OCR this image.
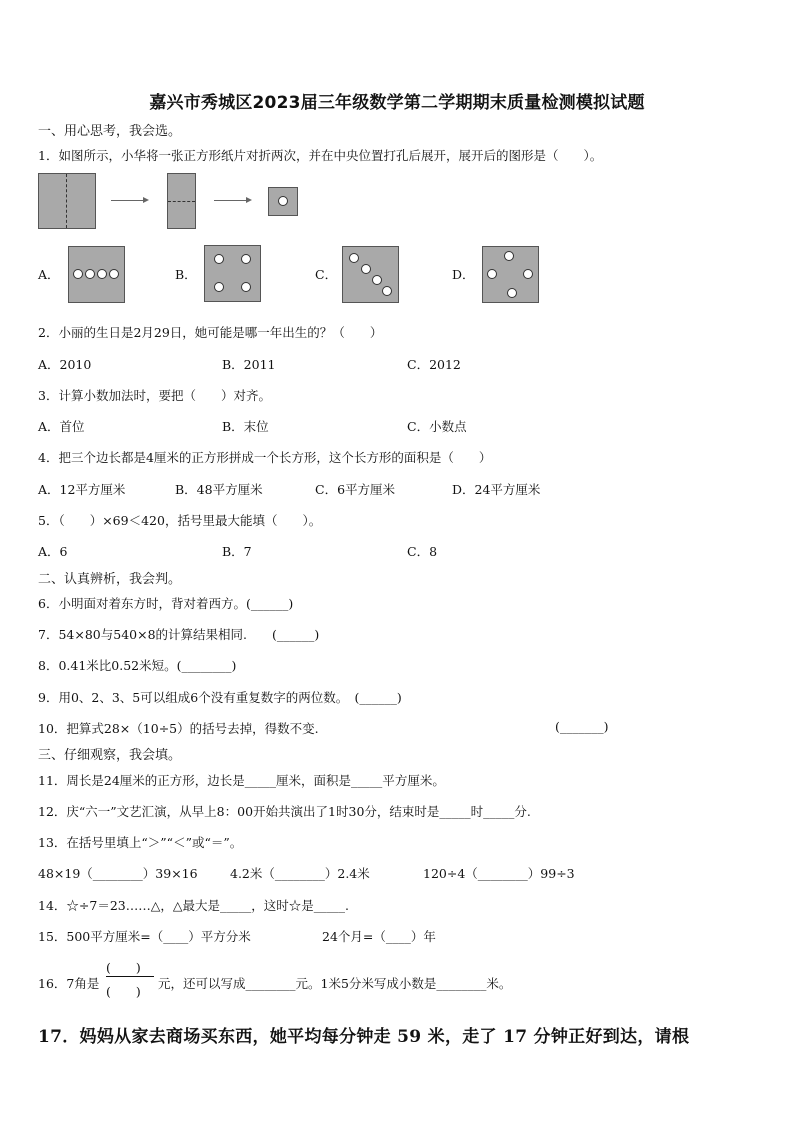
嘉兴市秀城区2023届三年级数学第二学期期末质量检测模拟试题
一、用心思考，我会选。
1．如图所示，小华将一张正方形纸片对折两次，并在中央位置打孔后展开，展开后的图形是（　　）。
A．	B．	C．	D．
2．小丽的生日是2月29日，她可能是哪一年出生的？（　　）
A．2010	B．2011	C．2012
3．计算小数加法时，要把（　　）对齐。
A．首位	B．末位	C．小数点
4．把三个边长都是4厘米的正方形拼成一个长方形，这个长方形的面积是（　　）
A．12平方厘米	B．48平方厘米	C．6平方厘米	D．24平方厘米
5．（　　）×69＜420，括号里最大能填（　　）。
A．6	B．7	C．8
二、认真辨析，我会判。
6．小明面对着东方时，背对着西方。(______)
7．54×80与540×8的计算结果相同.　　(______)
8．0.41米比0.52米短。(________)
9．用0、2、3、5可以组成6个没有重复数字的两位数。　(______)
10．把算式28×（10÷5）的括号去掉，得数不变.	(_______)
三、仔细观察，我会填。
11．周长是24厘米的正方形，边长是_____厘米，面积是_____平方厘米。
12．庆“六一”文艺汇演，从早上8：00开始共演出了1时30分，结束时是_____时_____分.
13．在括号里填上“＞”“＜”或“＝”。
48×19（________）39×16	4.2米（________）2.4米	120÷4（________）99÷3
14．☆÷7＝23……△，△最大是_____，这时☆是_____.
15．500平方厘米=（____）平方分米	24个月=（____）年
16．7角是
(　　)
(　　)
元，还可以写成________元。1米5分米写成小数是________米。
17．妈妈从家去商场买东西，她平均每分钟走 59 米，走了 17 分钟正好到达，请根
